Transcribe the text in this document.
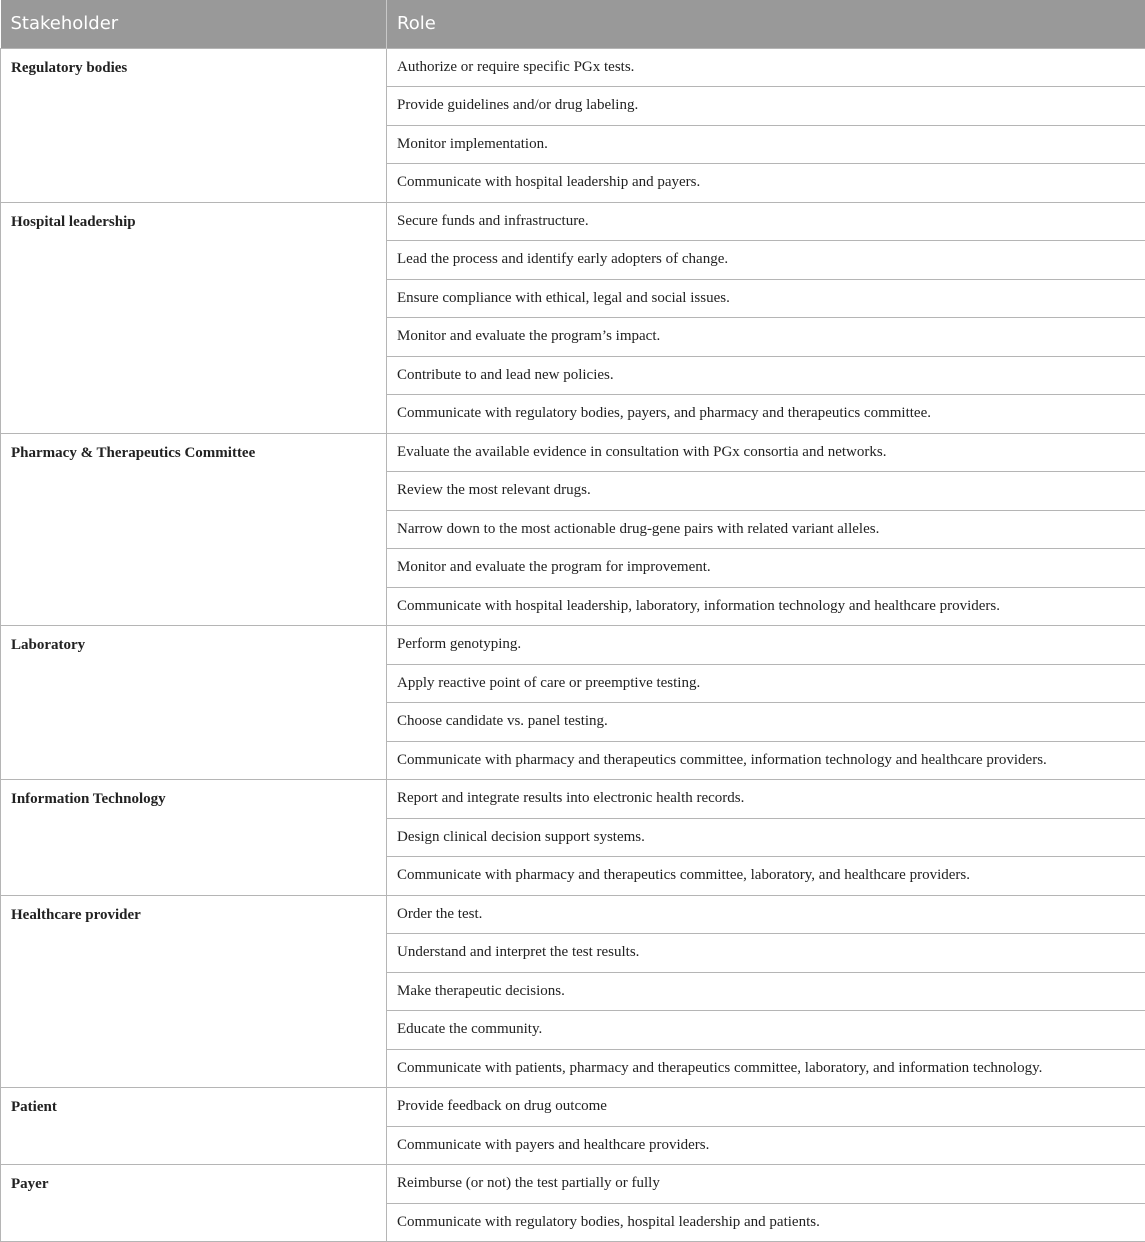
Stakeholder	Role
Regulatory bodies	Authorize or require specific PGx tests.
	Provide guidelines and/or drug labeling.
	Monitor implementation.
	Communicate with hospital leadership and payers.
Hospital leadership	Secure funds and infrastructure.
	Lead the process and identify early adopters of change.
	Ensure compliance with ethical, legal and social issues.
	Monitor and evaluate the program’s impact.
	Contribute to and lead new policies.
	Communicate with regulatory bodies, payers, and pharmacy and therapeutics committee.
Pharmacy & Therapeutics Committee	Evaluate the available evidence in consultation with PGx consortia and networks.
	Review the most relevant drugs.
	Narrow down to the most actionable drug-gene pairs with related variant alleles.
	Monitor and evaluate the program for improvement.
	Communicate with hospital leadership, laboratory, information technology and healthcare providers.
Laboratory	Perform genotyping.
	Apply reactive point of care or preemptive testing.
	Choose candidate vs. panel testing.
	Communicate with pharmacy and therapeutics committee, information technology and healthcare providers.
Information Technology	Report and integrate results into electronic health records.
	Design clinical decision support systems.
	Communicate with pharmacy and therapeutics committee, laboratory, and healthcare providers.
Healthcare provider	Order the test.
	Understand and interpret the test results.
	Make therapeutic decisions.
	Educate the community.
	Communicate with patients, pharmacy and therapeutics committee, laboratory, and information technology.
Patient	Provide feedback on drug outcome
	Communicate with payers and healthcare providers.
Payer	Reimburse (or not) the test partially or fully
	Communicate with regulatory bodies, hospital leadership and patients.
